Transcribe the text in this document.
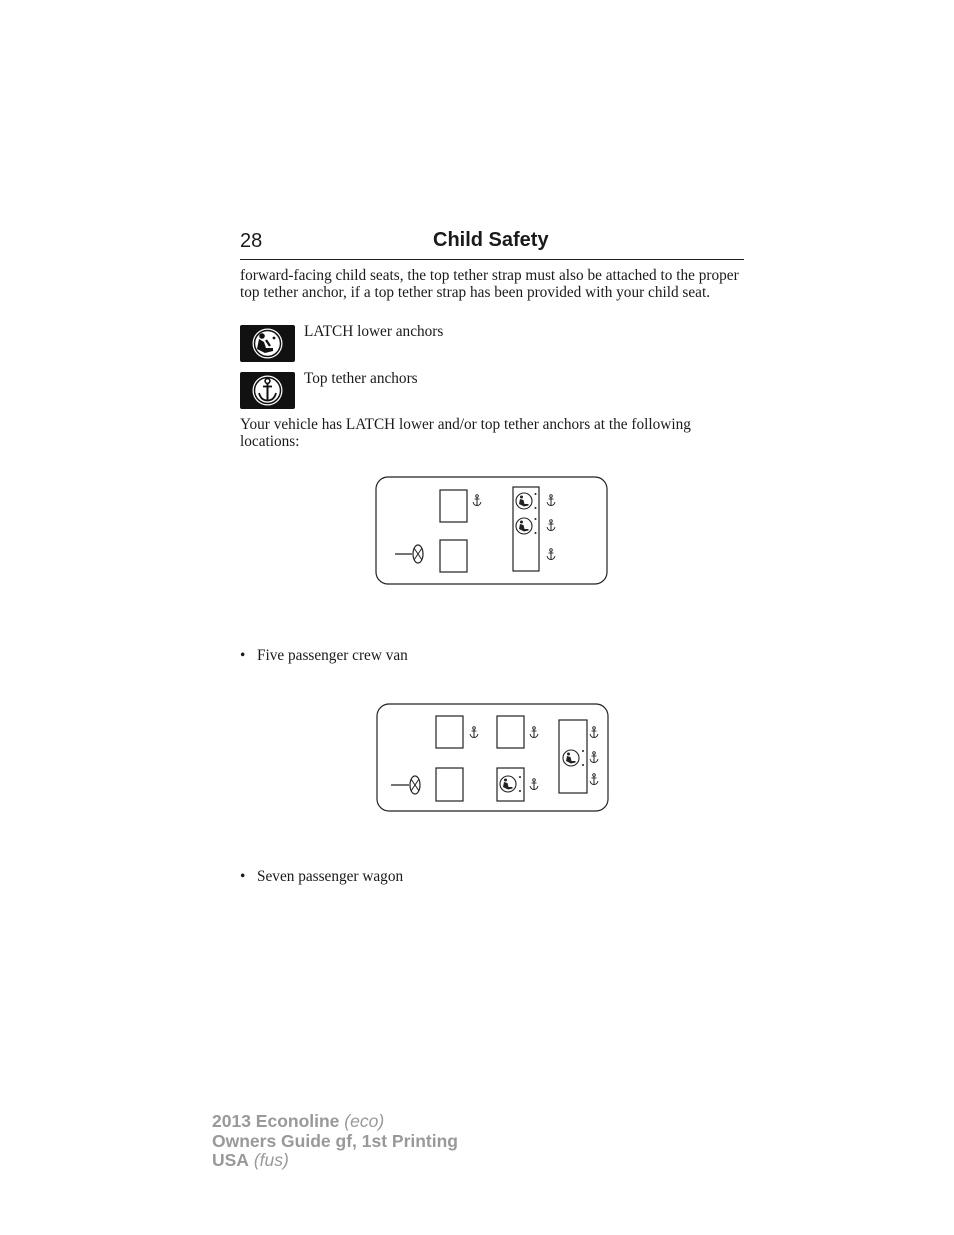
28	Child Safety
forward-facing child seats, the top tether strap must also be attached to the proper top tether anchor, if a top tether strap has been provided with your child seat.
LATCH lower anchors
Top tether anchors
Your vehicle has LATCH lower and/or top tether anchors at the following locations:
• Five passenger crew van
• Seven passenger wagon
2013 Econoline (eco)
Owners Guide gf, 1st Printing
USA (fus)
